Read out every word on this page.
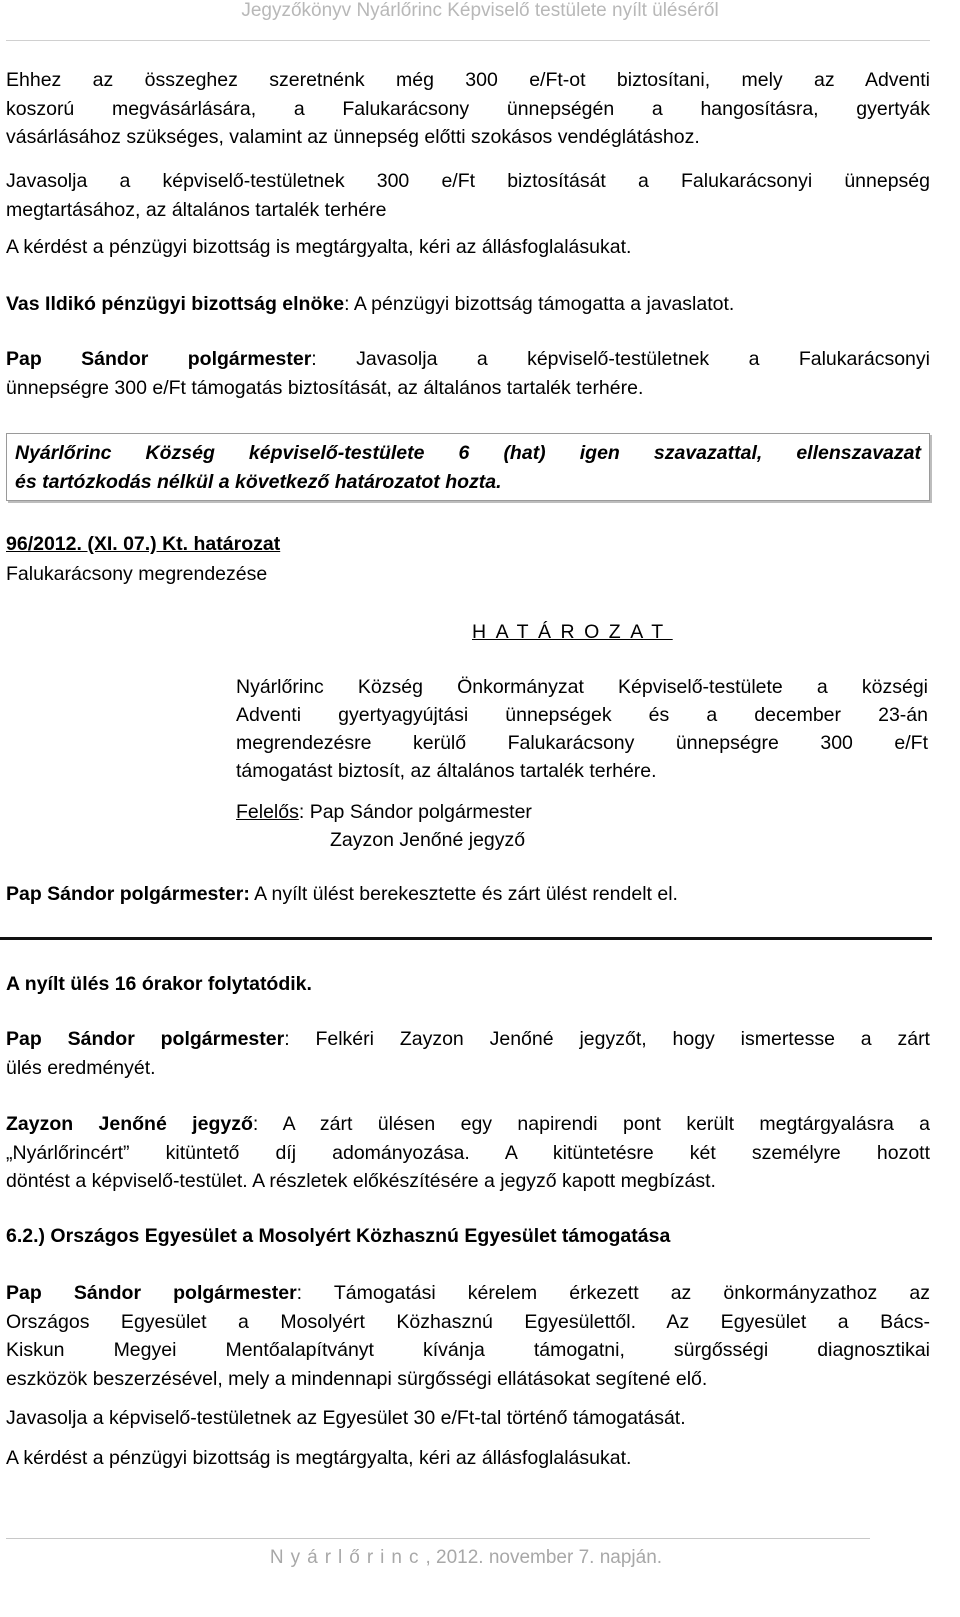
Jegyzőkönyv Nyárlőrinc Képviselő testülete nyílt üléséről
Ehhez az összeghez szeretnénk még 300 e/Ft-ot biztosítani, mely az Adventi
koszorú megvásárlására, a Falukarácsony ünnepségén a hangosításra, gyertyák
vásárlásához szükséges, valamint az ünnepség előtti szokásos vendéglátáshoz.
Javasolja a képviselő-testületnek 300 e/Ft biztosítását a Falukarácsonyi ünnepség
megtartásához, az általános tartalék terhére
A kérdést a pénzügyi bizottság is megtárgyalta, kéri az állásfoglalásukat.
Vas Ildikó pénzügyi bizottság elnöke: A pénzügyi bizottság támogatta a javaslatot.
Pap Sándor polgármester: Javasolja a képviselő-testületnek a Falukarácsonyi
ünnepségre 300 e/Ft támogatás biztosítását, az általános tartalék terhére.
Nyárlőrinc Község képviselő-testülete 6 (hat) igen szavazattal, ellenszavazat
és tartózkodás nélkül a következő határozatot hozta.
96/2012. (XI. 07.) Kt. határozat
Falukarácsony megrendezése
HATÁROZAT
Nyárlőrinc Község Önkormányzat Képviselő-testülete a községi
Adventi gyertyagyújtási ünnepségek és a december 23-án
megrendezésre kerülő Falukarácsony ünnepségre 300 e/Ft
támogatást biztosít, az általános tartalék terhére.
Felelős: Pap Sándor polgármester
Zayzon Jenőné jegyző
Pap Sándor polgármester: A nyílt ülést berekesztette és zárt ülést rendelt el.
A nyílt ülés 16 órakor folytatódik.
Pap Sándor polgármester: Felkéri Zayzon Jenőné jegyzőt, hogy ismertesse a zárt
ülés eredményét.
Zayzon Jenőné jegyző: A zárt ülésen egy napirendi pont került megtárgyalásra a
„Nyárlőrincért” kitüntető díj adományozása. A kitüntetésre két személyre hozott
döntést a képviselő-testület. A részletek előkészítésére a jegyző kapott megbízást.
6.2.) Országos Egyesület a Mosolyért Közhasznú Egyesület támogatása
Pap Sándor polgármester: Támogatási kérelem érkezett az önkormányzathoz az
Országos Egyesület a Mosolyért Közhasznú Egyesülettől. Az Egyesület a Bács-
Kiskun Megyei Mentőalapítványt kívánja támogatni, sürgősségi diagnosztikai
eszközök beszerzésével, mely a mindennapi sürgősségi ellátásokat segítené elő.
Javasolja a képviselő-testületnek az Egyesület 30 e/Ft-tal történő támogatását.
A kérdést a pénzügyi bizottság is megtárgyalta, kéri az állásfoglalásukat.
Nyárlőrinc, 2012. november 7. napján.
